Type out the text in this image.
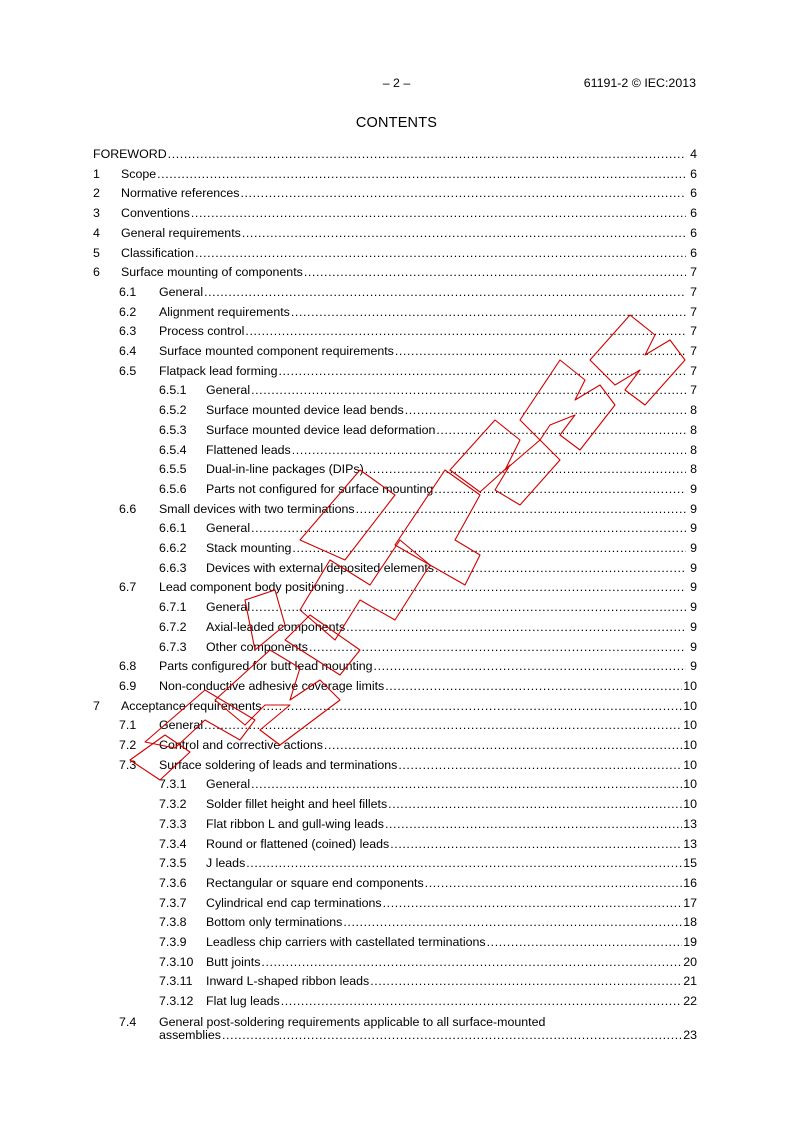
– 2 –	61191-2 © IEC:2013
CONTENTS
FOREWORD .....	4
1	Scope .....	6
2	Normative references .....	6
3	Conventions .....	6
4	General requirements .....	6
5	Classification .....	6
6	Surface mounting of components .....	7
6.1	General .....	7
6.2	Alignment requirements .....	7
6.3	Process control .....	7
6.4	Surface mounted component requirements .....	7
6.5	Flatpack lead forming .....	7
6.5.1	General .....	7
6.5.2	Surface mounted device lead bends .....	8
6.5.3	Surface mounted device lead deformation .....	8
6.5.4	Flattened leads .....	8
6.5.5	Dual-in-line packages (DIPs) .....	8
6.5.6	Parts not configured for surface mounting .....	9
6.6	Small devices with two terminations .....	9
6.6.1	General .....	9
6.6.2	Stack mounting .....	9
6.6.3	Devices with external deposited elements .....	9
6.7	Lead component body positioning .....	9
6.7.1	General .....	9
6.7.2	Axial-leaded components .....	9
6.7.3	Other components .....	9
6.8	Parts configured for butt lead mounting .....	9
6.9	Non-conductive adhesive coverage limits .....	10
7	Acceptance requirements .....	10
7.1	General .....	10
7.2	Control and corrective actions .....	10
7.3	Surface soldering of leads and terminations .....	10
7.3.1	General .....	10
7.3.2	Solder fillet height and heel fillets .....	10
7.3.3	Flat ribbon L and gull-wing leads .....	13
7.3.4	Round or flattened (coined) leads .....	13
7.3.5	J leads .....	15
7.3.6	Rectangular or square end components .....	16
7.3.7	Cylindrical end cap terminations .....	17
7.3.8	Bottom only terminations .....	18
7.3.9	Leadless chip carriers with castellated terminations .....	19
7.3.10	Butt joints .....	20
7.3.11	Inward L-shaped ribbon leads .....	21
7.3.12	Flat lug leads .....	22
7.4 General post-soldering requirements applicable to all surface-mounted
assemblies .....	23
